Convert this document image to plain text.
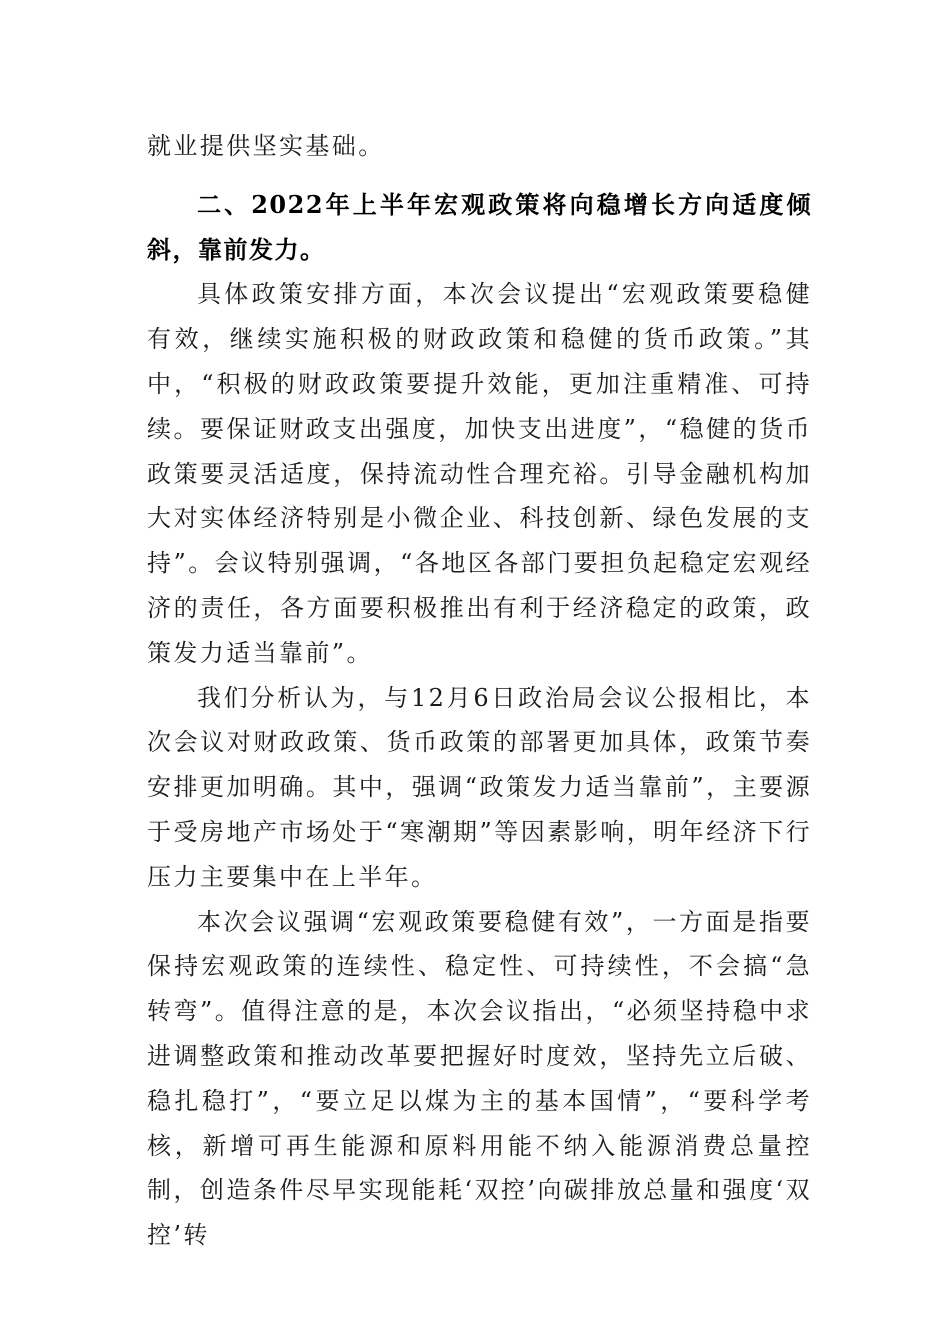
就业提供坚实基础。

二、2022年上半年宏观政策将向稳增长方向适度倾斜，靠前发力。

具体政策安排方面，本次会议提出“宏观政策要稳健有效，继续实施积极的财政政策和稳健的货币政策。”其中，“积极的财政政策要提升效能，更加注重精准、可持续。要保证财政支出强度，加快支出进度”，“稳健的货币政策要灵活适度，保持流动性合理充裕。引导金融机构加大对实体经济特别是小微企业、科技创新、绿色发展的支持”。会议特别强调，“各地区各部门要担负起稳定宏观经济的责任，各方面要积极推出有利于经济稳定的政策，政策发力适当靠前”。

我们分析认为，与12月6日政治局会议公报相比，本次会议对财政政策、货币政策的部署更加具体，政策节奏安排更加明确。其中，强调“政策发力适当靠前”，主要源于受房地产市场处于“寒潮期”等因素影响，明年经济下行压力主要集中在上半年。

本次会议强调“宏观政策要稳健有效”，一方面是指要保持宏观政策的连续性、稳定性、可持续性，不会搞“急转弯”。值得注意的是，本次会议指出，“必须坚持稳中求进调整政策和推动改革要把握好时度效，坚持先立后破、稳扎稳打”，“要立足以煤为主的基本国情”，“要科学考核，新增可再生能源和原料用能不纳入能源消费总量控制，创造条件尽早实现能耗‘双控’向碳排放总量和强度‘双控’转
